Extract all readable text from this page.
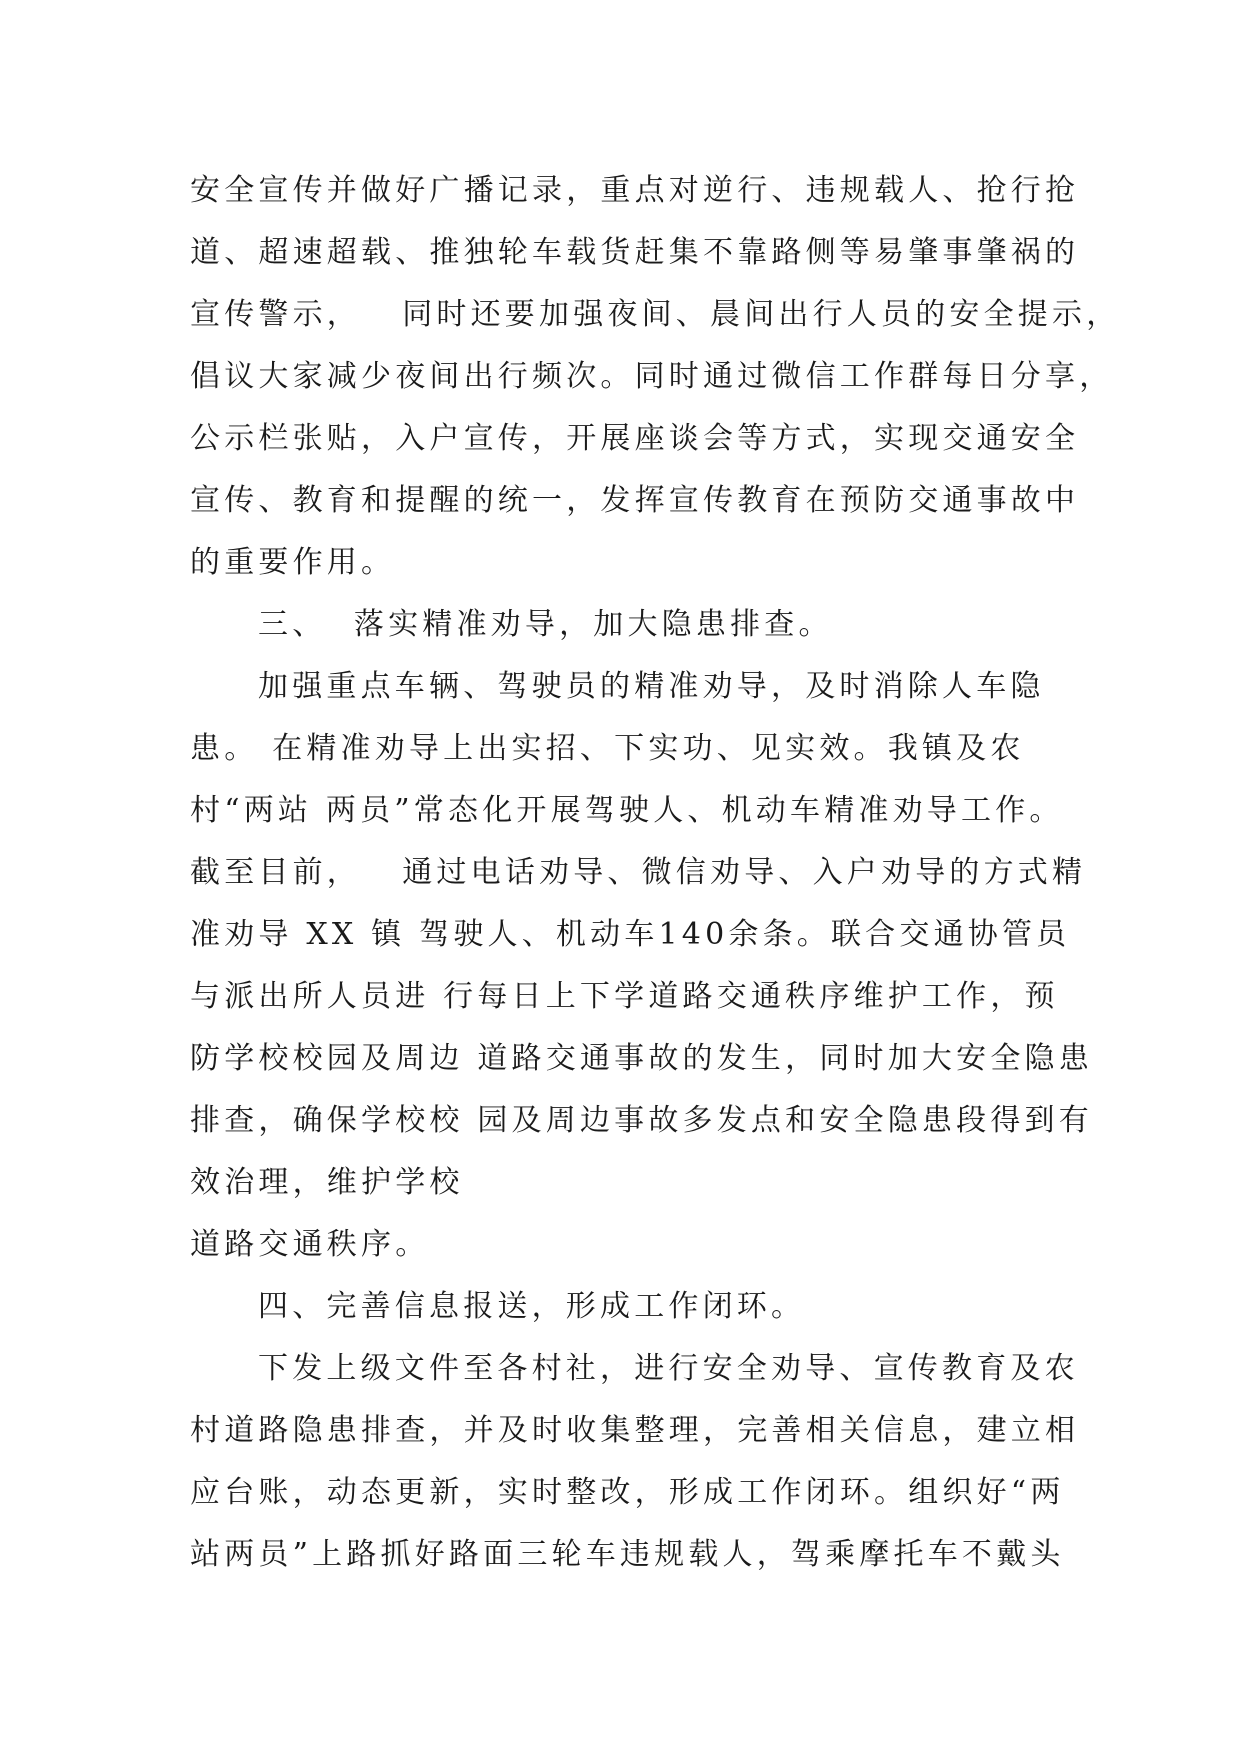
安全宣传并做好广播记录，重点对逆行、违规载人、抢行抢
道、超速超载、推独轮车载货赶集不靠路侧等易肇事肇祸的
宣传警示，   同时还要加强夜间、晨间出行人员的安全提示，
倡议大家减少夜间出行频次。同时通过微信工作群每日分享，
公示栏张贴，入户宣传，开展座谈会等方式，实现交通安全
宣传、教育和提醒的统一，发挥宣传教育在预防交通事故中
的重要作用。
三、  落实精准劝导，加大隐患排查。
加强重点车辆、驾驶员的精准劝导，及时消除人车隐
患。 在精准劝导上出实招、下实功、见实效。我镇及农
村“两站 两员”常态化开展驾驶人、机动车精准劝导工作。
截至目前，   通过电话劝导、微信劝导、入户劝导的方式精
准劝导 XX 镇 驾驶人、机动车140余条。联合交通协管员
与派出所人员进 行每日上下学道路交通秩序维护工作，预
防学校校园及周边 道路交通事故的发生，同时加大安全隐患
排查，确保学校校 园及周边事故多发点和安全隐患段得到有
效治理，维护学校
道路交通秩序。
四、完善信息报送，形成工作闭环。
下发上级文件至各村社，进行安全劝导、宣传教育及农
村道路隐患排查，并及时收集整理，完善相关信息，建立相
应台账，动态更新，实时整改，形成工作闭环。组织好“两
站两员”上路抓好路面三轮车违规载人，驾乘摩托车不戴头
